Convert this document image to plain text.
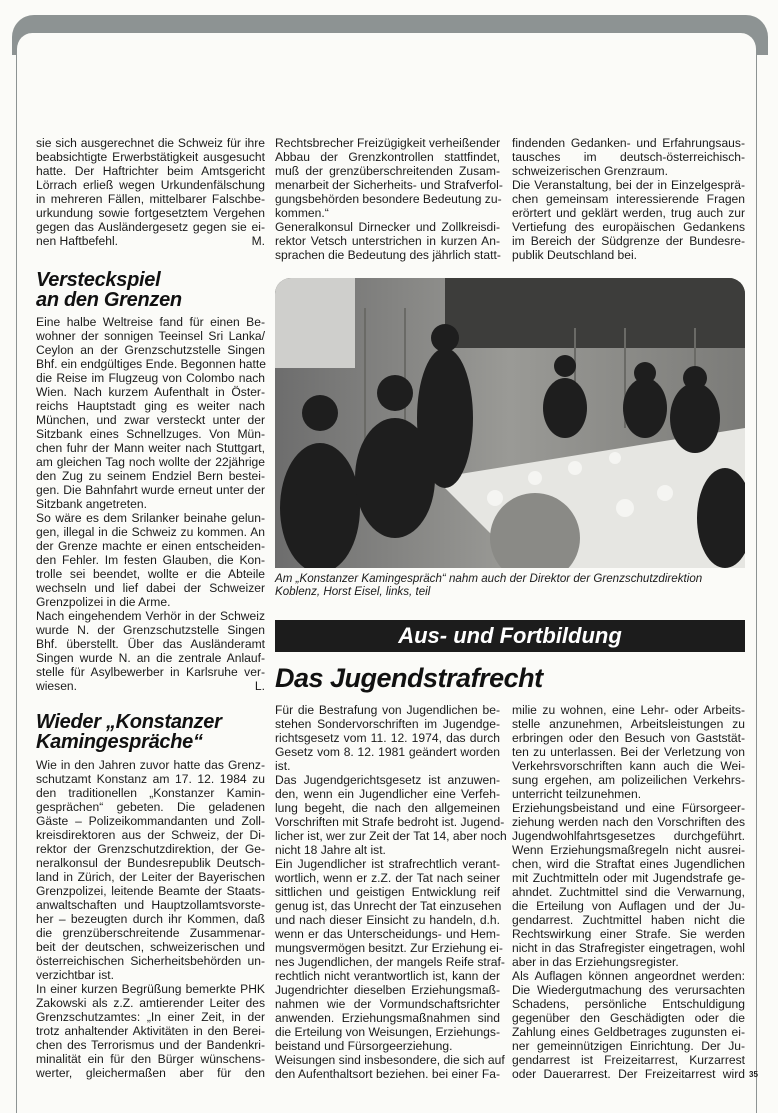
sie sich ausgerechnet die Schweiz für ihre
beabsichtigte Erwerbstätigkeit ausgesucht
hatte. Der Haftrichter beim Amtsgericht
Lörrach erließ wegen Urkundenfälschung
in mehreren Fällen, mittelbarer Falschbe-
urkundung sowie fortgesetztem Vergehen
gegen das Ausländergesetz gegen sie ei-
nen Haftbefehl.	M.
Versteckspiel
an den Grenzen
Eine halbe Weltreise fand für einen Be-
wohner der sonnigen Teeinsel Sri Lanka/
Ceylon an der Grenzschutzstelle Singen
Bhf. ein endgültiges Ende. Begonnen hatte
die Reise im Flugzeug von Colombo nach
Wien. Nach kurzem Aufenthalt in Öster-
reichs Hauptstadt ging es weiter nach
München, und zwar versteckt unter der
Sitzbank eines Schnellzuges. Von Mün-
chen fuhr der Mann weiter nach Stuttgart,
am gleichen Tag noch wollte der 22jährige
den Zug zu seinem Endziel Bern bestei-
gen. Die Bahnfahrt wurde erneut unter der
Sitzbank angetreten.
So wäre es dem Srilanker beinahe gelun-
gen, illegal in die Schweiz zu kommen. An
der Grenze machte er einen entscheiden-
den Fehler. Im festen Glauben, die Kon-
trolle sei beendet, wollte er die Abteile
wechseln und lief dabei der Schweizer
Grenzpolizei in die Arme.
Nach eingehendem Verhör in der Schweiz
wurde N. der Grenzschutzstelle Singen
Bhf. überstellt. Über das Ausländeramt
Singen wurde N. an die zentrale Anlauf-
stelle für Asylbewerber in Karlsruhe ver-
wiesen.	L.
Wieder „Konstanzer
Kamingespräche“
Wie in den Jahren zuvor hatte das Grenz-
schutzamt Konstanz am 17. 12. 1984 zu
den traditionellen „Konstanzer Kamin-
gesprächen“ gebeten. Die geladenen
Gäste – Polizeikommandanten und Zoll-
kreisdirektoren aus der Schweiz, der Di-
rektor der Grenzschutzdirektion, der Ge-
neralkonsul der Bundesrepublik Deutsch-
land in Zürich, der Leiter der Bayerischen
Grenzpolizei, leitende Beamte der Staats-
anwaltschaften und Hauptzollamtsvorste-
her – bezeugten durch ihr Kommen, daß
die grenzüberschreitende Zusammenar-
beit der deutschen, schweizerischen und
österreichischen Sicherheitsbehörden un-
verzichtbar ist.
In einer kurzen Begrüßung bemerkte PHK
Zakowski als z.Z. amtierender Leiter des
Grenzschutzamtes: „In einer Zeit, in der
trotz anhaltender Aktivitäten in den Berei-
chen des Terrorismus und der Bandenkri-
minalität ein für den Bürger wünschens-
werter, gleichermaßen aber für den
Rechtsbrecher Freizügigkeit verheißender
Abbau der Grenzkontrollen stattfindet,
muß der grenzüberschreitenden Zusam-
menarbeit der Sicherheits- und Strafverfol-
gungsbehörden besondere Bedeutung zu-
kommen.“
Generalkonsul Dirnecker und Zollkreisdi-
rektor Vetsch unterstrichen in kurzen An-
sprachen die Bedeutung des jährlich statt-
findenden Gedanken- und Erfahrungsaus-
tausches im deutsch-österreichisch-
schweizerischen Grenzraum.
Die Veranstaltung, bei der in Einzelgesprä-
chen gemeinsam interessierende Fragen
erörtert und geklärt werden, trug auch zur
Vertiefung des europäischen Gedankens
im Bereich der Südgrenze der Bundesre-
publik Deutschland bei.
Am „Konstanzer Kamingespräch“ nahm auch der Direktor der Grenzschutzdirektion
Koblenz, Horst Eisel, links, teil
Aus- und Fortbildung
Das Jugendstrafrecht
Für die Bestrafung von Jugendlichen be-
stehen Sondervorschriften im Jugendge-
richtsgesetz vom 11. 12. 1974, das durch
Gesetz vom 8. 12. 1981 geändert worden
ist.
Das Jugendgerichtsgesetz ist anzuwen-
den, wenn ein Jugendlicher eine Verfeh-
lung begeht, die nach den allgemeinen
Vorschriften mit Strafe bedroht ist. Jugend-
licher ist, wer zur Zeit der Tat 14, aber noch
nicht 18 Jahre alt ist.
Ein Jugendlicher ist strafrechtlich verant-
wortlich, wenn er z.Z. der Tat nach seiner
sittlichen und geistigen Entwicklung reif
genug ist, das Unrecht der Tat einzusehen
und nach dieser Einsicht zu handeln, d.h.
wenn er das Unterscheidungs- und Hem-
mungsvermögen besitzt. Zur Erziehung ei-
nes Jugendlichen, der mangels Reife straf-
rechtlich nicht verantwortlich ist, kann der
Jugendrichter dieselben Erziehungsmaß-
nahmen wie der Vormundschaftsrichter
anwenden. Erziehungsmaßnahmen sind
die Erteilung von Weisungen, Erziehungs-
beistand und Fürsorgeerziehung.
Weisungen sind insbesondere, die sich auf
den Aufenthaltsort beziehen. bei einer Fa-
milie zu wohnen, eine Lehr- oder Arbeits-
stelle anzunehmen, Arbeitsleistungen zu
erbringen oder den Besuch von Gaststät-
ten zu unterlassen. Bei der Verletzung von
Verkehrsvorschriften kann auch die Wei-
sung ergehen, am polizeilichen Verkehrs-
unterricht teilzunehmen.
Erziehungsbeistand und eine Fürsorgeer-
ziehung werden nach den Vorschriften des
Jugendwohlfahrtsgesetzes durchgeführt.
Wenn Erziehungsmaßregeln nicht ausrei-
chen, wird die Straftat eines Jugendlichen
mit Zuchtmitteln oder mit Jugendstrafe ge-
ahndet. Zuchtmittel sind die Verwarnung,
die Erteilung von Auflagen und der Ju-
gendarrest. Zuchtmittel haben nicht die
Rechtswirkung einer Strafe. Sie werden
nicht in das Strafregister eingetragen, wohl
aber in das Erziehungsregister.
Als Auflagen können angeordnet werden:
Die Wiedergutmachung des verursachten
Schadens, persönliche Entschuldigung
gegenüber den Geschädigten oder die
Zahlung eines Geldbetrages zugunsten ei-
ner gemeinnützigen Einrichtung. Der Ju-
gendarrest ist Freizeitarrest, Kurzarrest
oder Dauerarrest. Der Freizeitarrest wird 35
